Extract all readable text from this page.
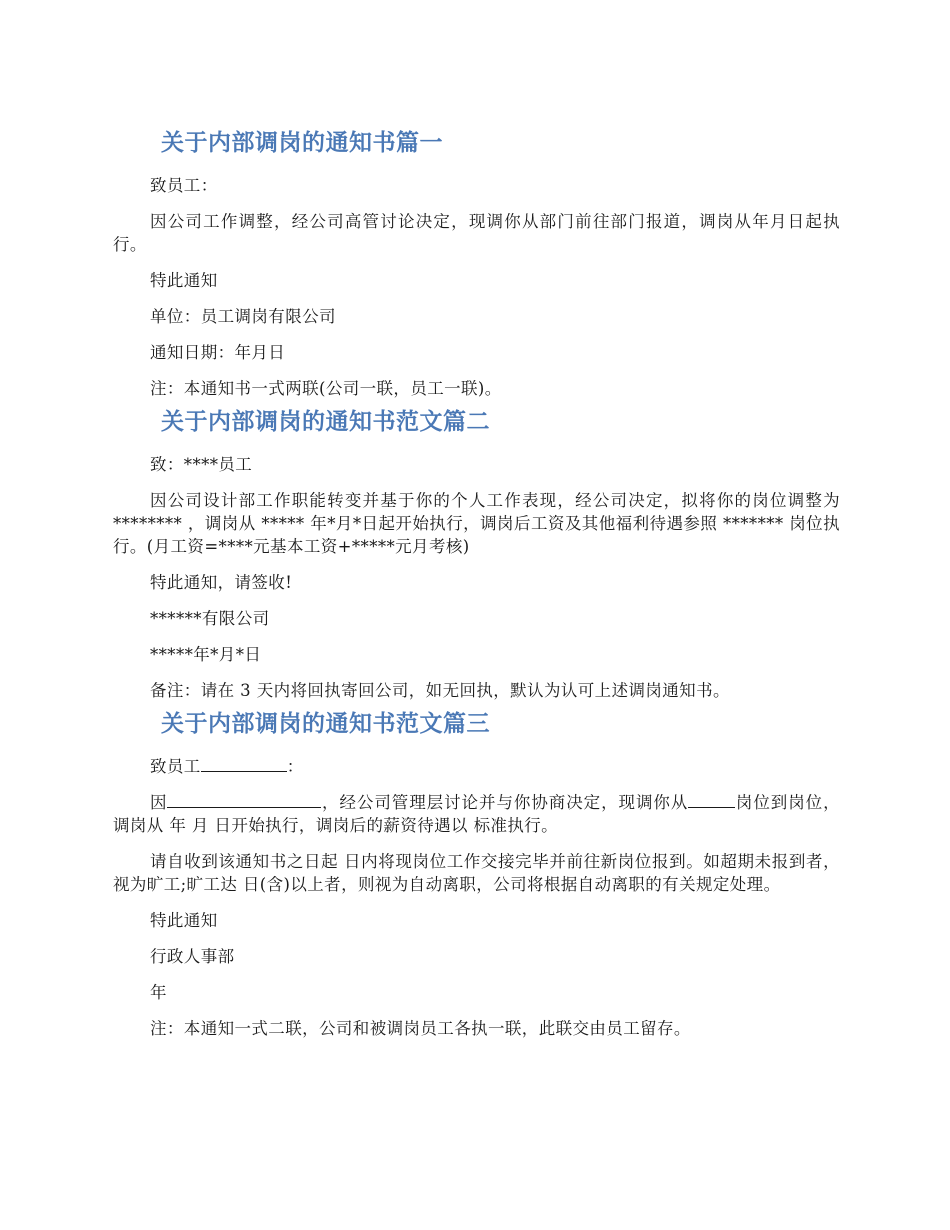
关于内部调岗的通知书篇一

致员工：

因公司工作调整，经公司高管讨论决定，现调你从部门前往部门报道，调岗从年月日起执行。

特此通知

单位：员工调岗有限公司

通知日期：年月日

注：本通知书一式两联(公司一联，员工一联)。

关于内部调岗的通知书范文篇二

致：****员工

因公司设计部工作职能转变并基于你的个人工作表现，经公司决定，拟将你的岗位调整为 ******** ，调岗从 ***** 年*月*日起开始执行，调岗后工资及其他福利待遇参照 ******* 岗位执行。(月工资=****元基本工资+*****元月考核)

特此通知，请签收!

******有限公司

*****年*月*日

备注：请在 3 天内将回执寄回公司，如无回执，默认为认可上述调岗通知书。

关于内部调岗的通知书范文篇三

致员工	：

因	，经公司管理层讨论并与你协商决定，现调你从	岗位到岗位，调岗从 年 月 日开始执行，调岗后的薪资待遇以 标准执行。

请自收到该通知书之日起 日内将现岗位工作交接完毕并前往新岗位报到。如超期未报到者，视为旷工;旷工达 日(含)以上者，则视为自动离职，公司将根据自动离职的有关规定处理。

特此通知

行政人事部

年

注：本通知一式二联，公司和被调岗员工各执一联，此联交由员工留存。
